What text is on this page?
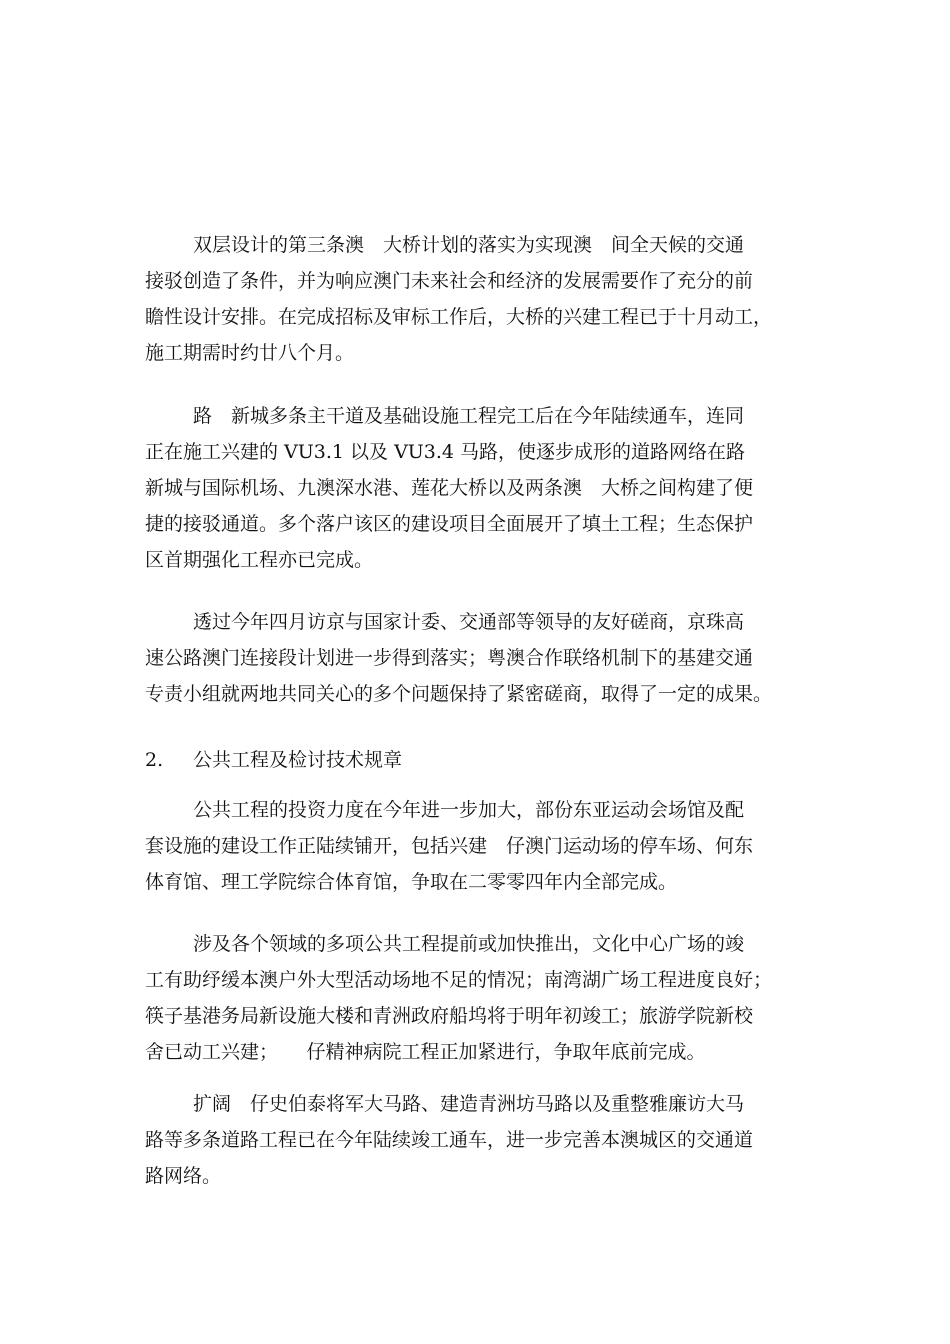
双层设计的第三条澳　大桥计划的落实为实现澳　间全天候的交通
接驳创造了条件，并为响应澳门未来社会和经济的发展需要作了充分的前
瞻性设计安排。在完成招标及审标工作后，大桥的兴建工程已于十月动工，
施工期需时约廿八个月。
路　新城多条主干道及基础设施工程完工后在今年陆续通车，连同
正在施工兴建的 VU3.1 以及 VU3.4 马路，使逐步成形的道路网络在路
新城与国际机场、九澳深水港、莲花大桥以及两条澳　大桥之间构建了便
捷的接驳通道。多个落户该区的建设项目全面展开了填土工程；生态保护
区首期强化工程亦已完成。
透过今年四月访京与国家计委、交通部等领导的友好磋商，京珠高
速公路澳门连接段计划进一步得到落实；粤澳合作联络机制下的基建交通
专责小组就两地共同关心的多个问题保持了紧密磋商，取得了一定的成果。
2. 公共工程及检讨技术规章
公共工程的投资力度在今年进一步加大，部份东亚运动会场馆及配
套设施的建设工作正陆续铺开，包括兴建　仔澳门运动场的停车场、何东
体育馆、理工学院综合体育馆，争取在二零零四年内全部完成。
涉及各个领域的多项公共工程提前或加快推出，文化中心广场的竣
工有助纾缓本澳户外大型活动场地不足的情况；南湾湖广场工程进度良好；
筷子基港务局新设施大楼和青洲政府船坞将于明年初竣工；旅游学院新校
舍已动工兴建；　　仔精神病院工程正加紧进行，争取年底前完成。
扩阔　仔史伯泰将军大马路、建造青洲坊马路以及重整雅廉访大马
路等多条道路工程已在今年陆续竣工通车，进一步完善本澳城区的交通道
路网络。
